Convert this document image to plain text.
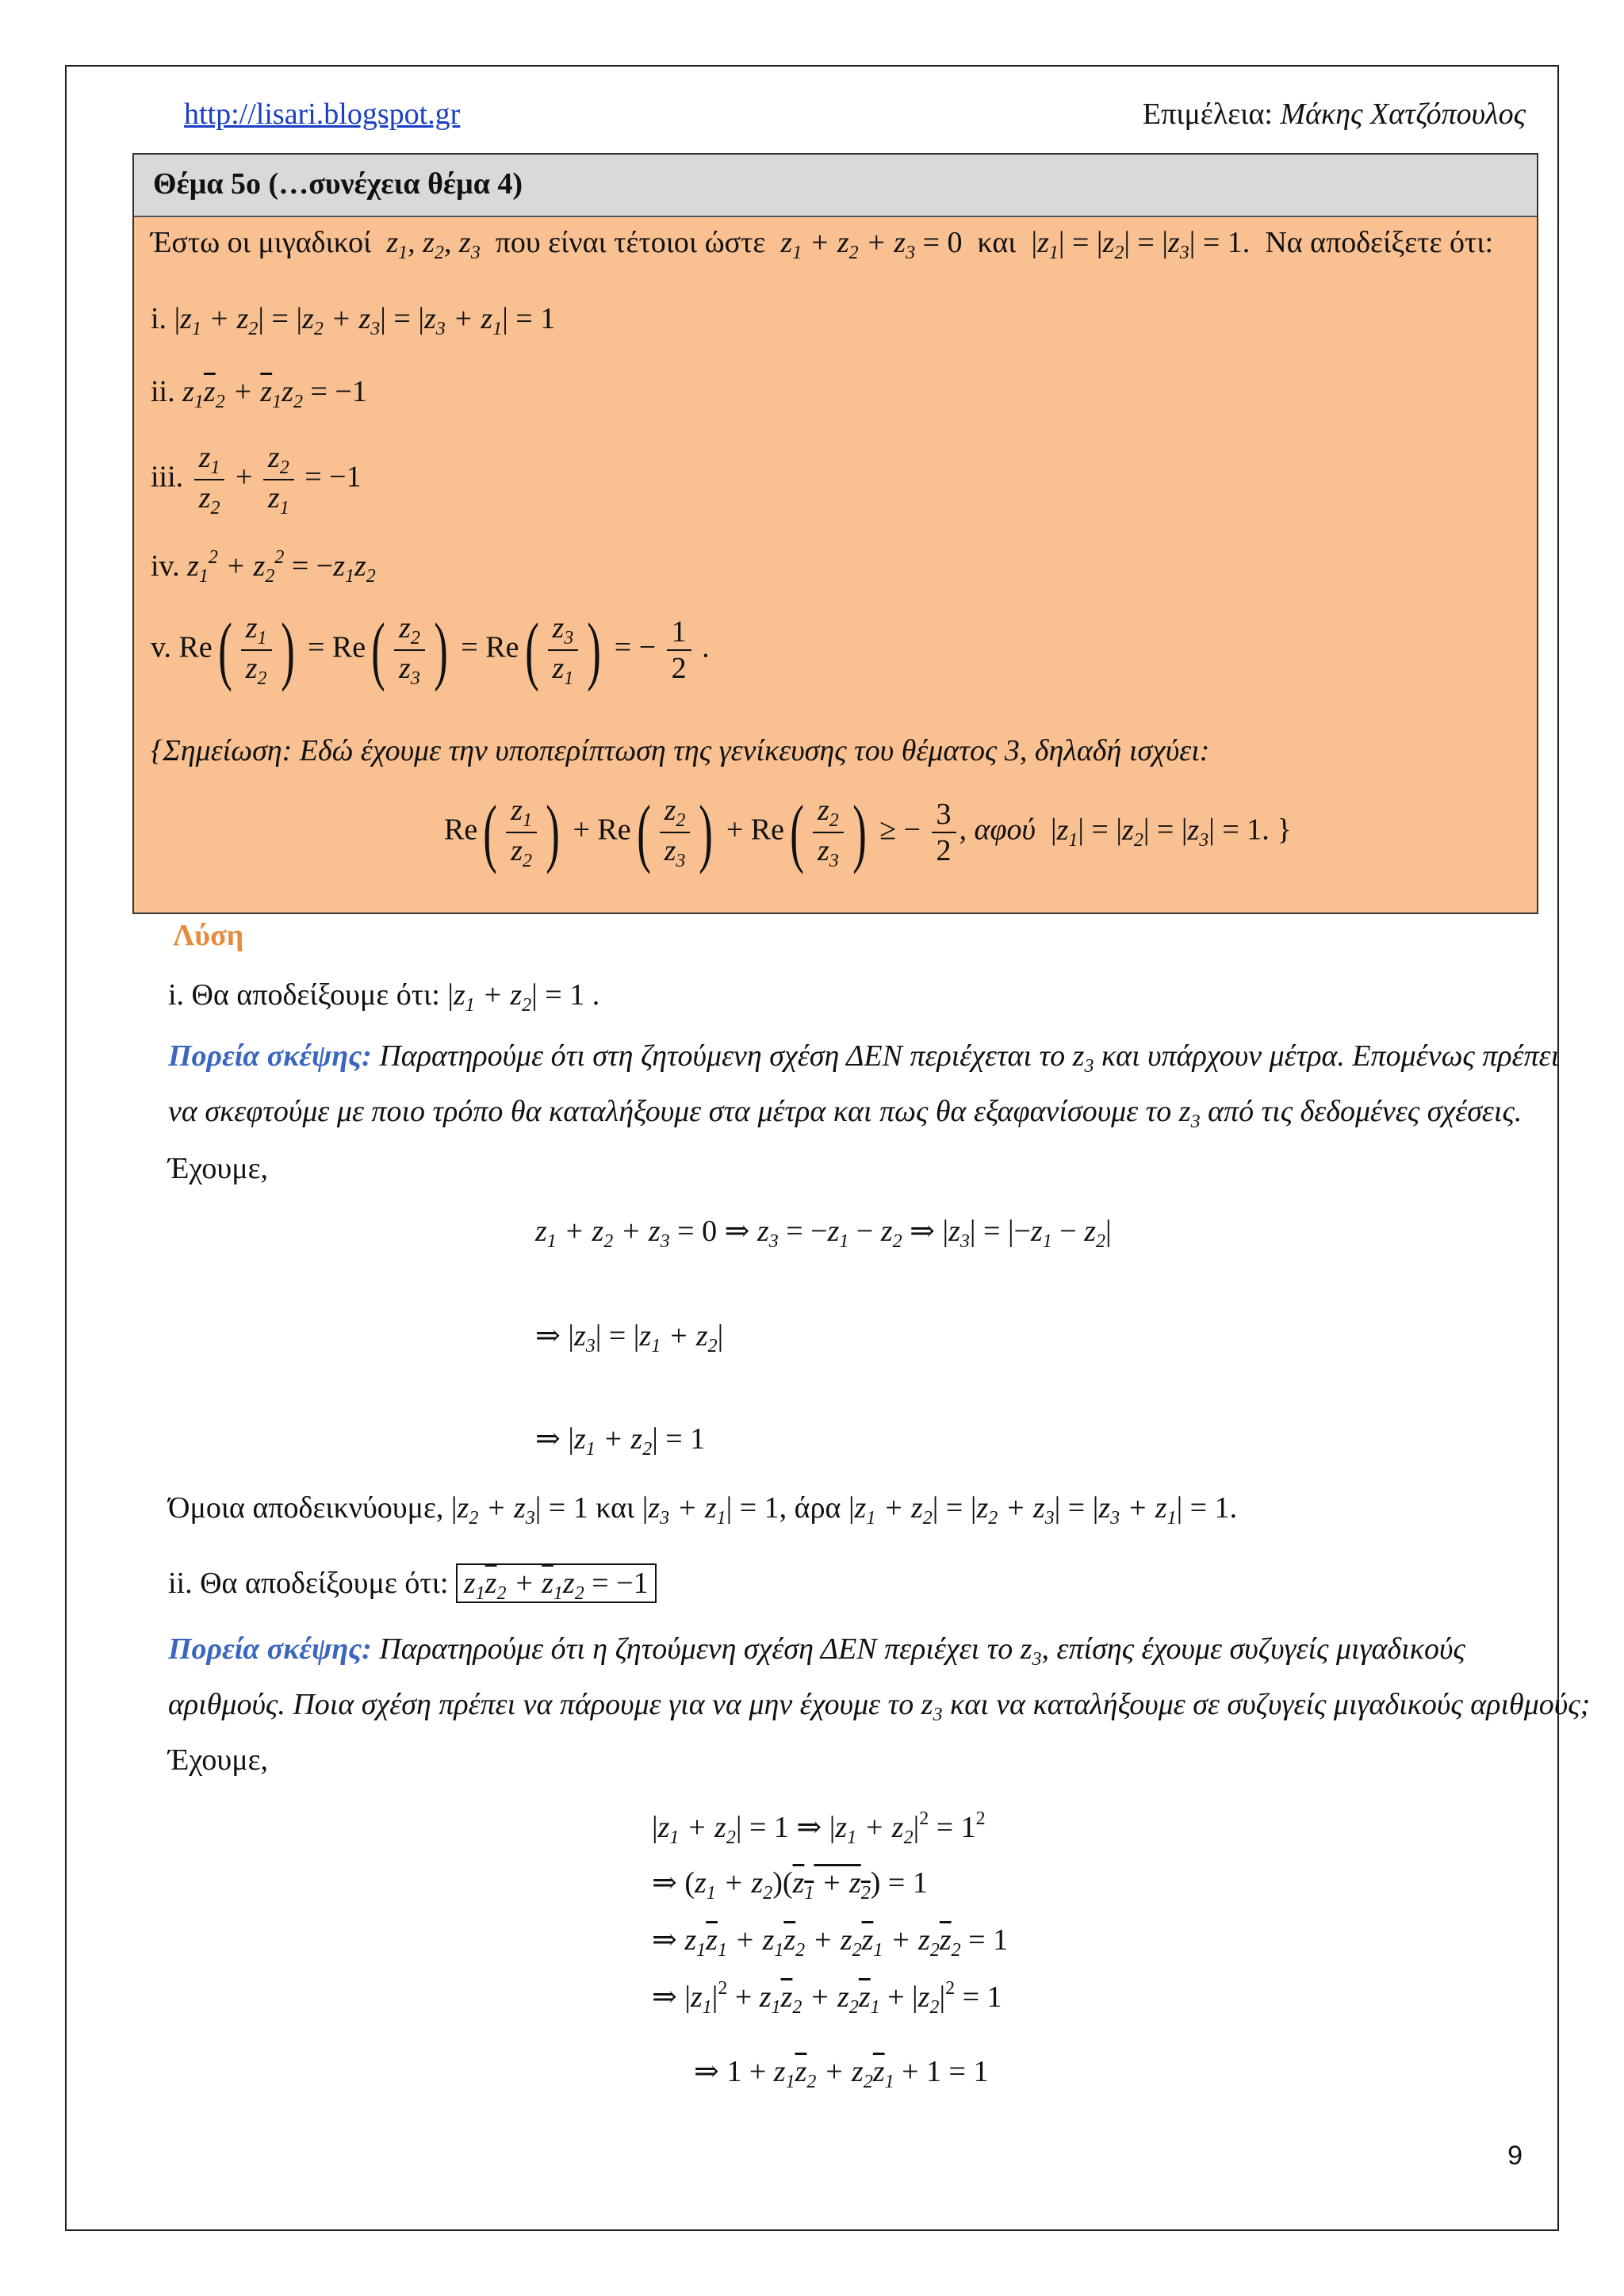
http://lisari.blogspot.gr	Επιμέλεια: Μάκης Χατζόπουλος
Θέμα 5ο (…συνέχεια θέμα 4)
Έστω οι μιγαδικοί $z_1$, $z_2$, $z_3$ που είναι τέτοιοι ώστε $z_1 + z_2 + z_3 = 0$  και  $|z_1| = |z_2| = |z_3| = 1$.  Να αποδείξετε ότι:
i. $|z_1 + z_2| = |z_2 + z_3| = |z_3 + z_1| = 1$
ii. $z_1\overline{z}_2 + \overline{z}_1z_2 = -1$
iii. $\frac{z_1}{z_2} + \frac{z_2}{z_1} = -1$
iv. $z_1^2 + z_2^2 = -z_1z_2$
v. $Re( \frac{z_1}{z_2}$ ) = $Re( \frac{z_2}{z_3}$ ) = $Re( \frac{z_3}{z_1}$ ) = − $\frac{1}{2}$ .
{Σημείωση: Εδώ έχουμε την υποπερίπτωση της γενίκευσης του θέματος 3, δηλαδή ισχύει:
$Re( \frac{z_1}{z_2}$ ) + $Re( \frac{z_2}{z_3}$ ) + $Re( \frac{z_2}{z_3}$ ) ≥ − $\frac{3}{2}$ , αφού  $|z_1| = |z_2| = |z_3| = 1$. }
Λύση
i. Θα αποδείξουμε ότι: $|z_1 + z_2| = 1$ .
Πορεία σκέψης: Παρατηρούμε ότι στη ζητούμενη σχέση ΔΕΝ περιέχεται το $z_3$ και υπάρχουν μέτρα. Επομένως πρέπει
να σκεφτούμε με ποιο τρόπο θα καταλήξουμε στα μέτρα και πως θα εξαφανίσουμε το $z_3$ από τις δεδομένες σχέσεις.
Έχουμε,
$z_1 + z_2 + z_3 = 0$ ⇒ $z_3 = -z_1 - z_2$ ⇒ $|z_3| = |-z_1 - z_2|$
⇒ $|z_3| = |z_1 + z_2|$
⇒ $|z_1 + z_2| = 1$
Όμοια αποδεικνύουμε, $|z_2 + z_3| = 1$ και $|z_3 + z_1| = 1$, άρα $|z_1 + z_2| = |z_2 + z_3| = |z_3 + z_1| = 1$.
ii. Θα αποδείξουμε ότι: $z_1\overline{z}_2 + \overline{z}_1z_2 = -1$
Πορεία σκέψης: Παρατηρούμε ότι η ζητούμενη σχέση ΔΕΝ περιέχει το $z_3$, επίσης έχουμε συζυγείς μιγαδικούς
αριθμούς. Ποια σχέση πρέπει να πάρουμε για να μην έχουμε το $z_3$ και να καταλήξουμε σε συζυγείς μιγαδικούς αριθμούς;
Έχουμε,
$|z_1 + z_2| = 1$ ⇒ $|z_1 + z_2|^2 = 1^2$
⇒ $(z_1 + z_2)(z_1 + z_2) = 1$
⇒ $z_1\overline{z}_1 + z_1\overline{z}_2 + z_2\overline{z}_1 + z_2\overline{z}_2 = 1$
⇒ $|z_1|^2 + z_1\overline{z}_2 + z_2\overline{z}_1 + |z_2|^2 = 1$
⇒ $1 + z_1\overline{z}_2 + z_2\overline{z}_1 + 1 = 1$
9
